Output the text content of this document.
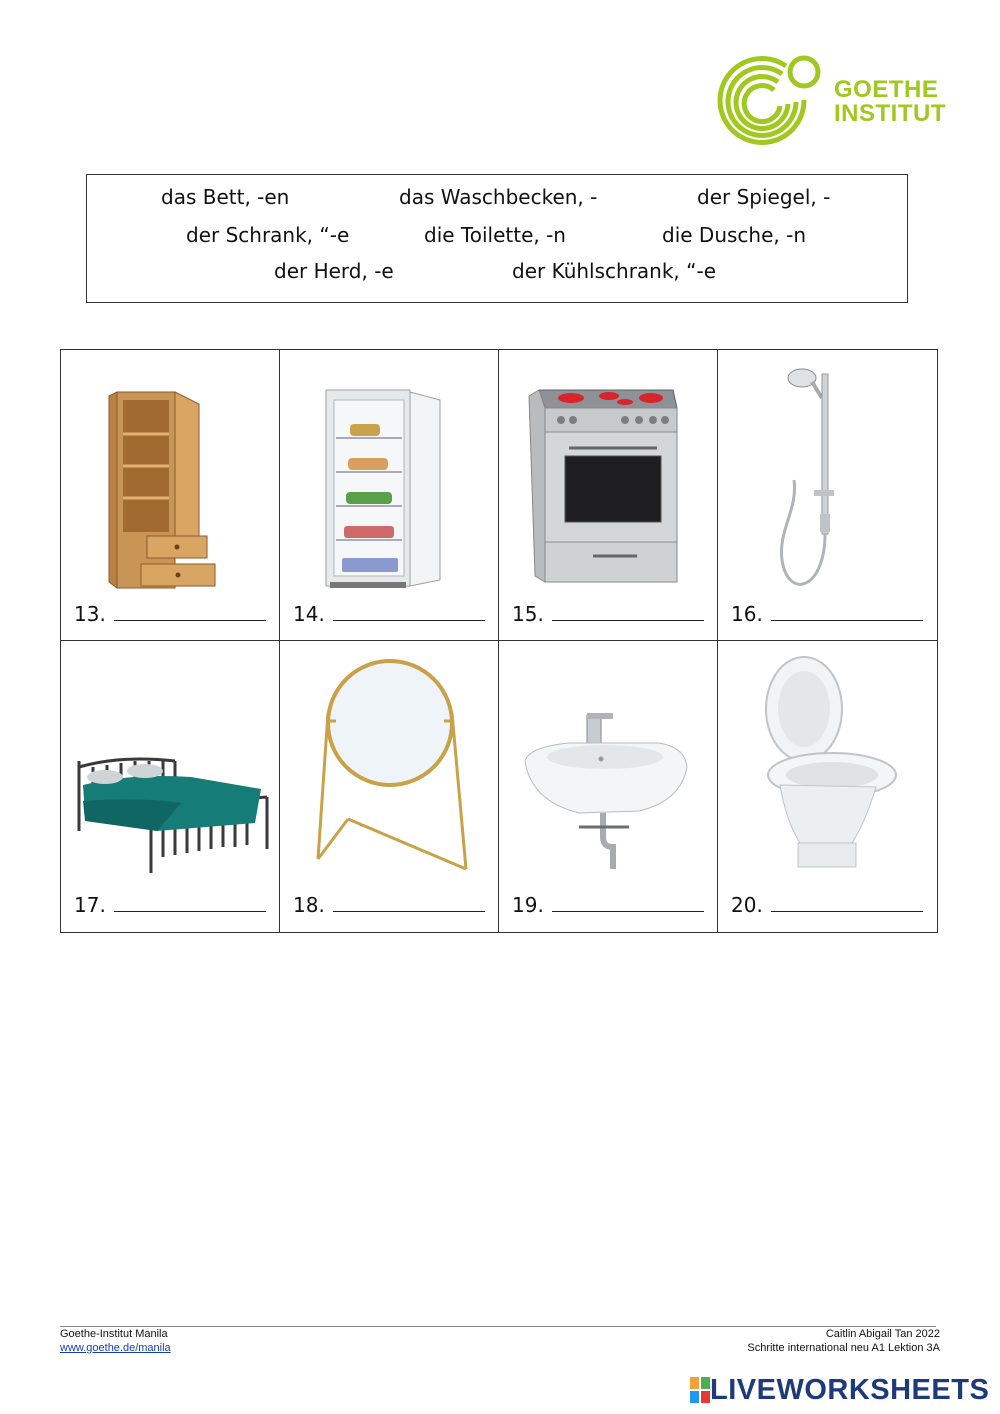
GOETHE
INSTITUT
das Bett, -en	das Waschbecken, -	der Spiegel, -
der Schrank, “-e	die Toilette, -n	die Dusche, -n
der Herd, -e	der Kühlschrank, “-e
13.	14.	15.	16.
17.	18.	19.	20.
Goethe-Institut Manila
www.goethe.de/manila
Caitlin Abigail Tan 2022
Schritte international neu A1 Lektion 3A
LIVEWORKSHEETS
